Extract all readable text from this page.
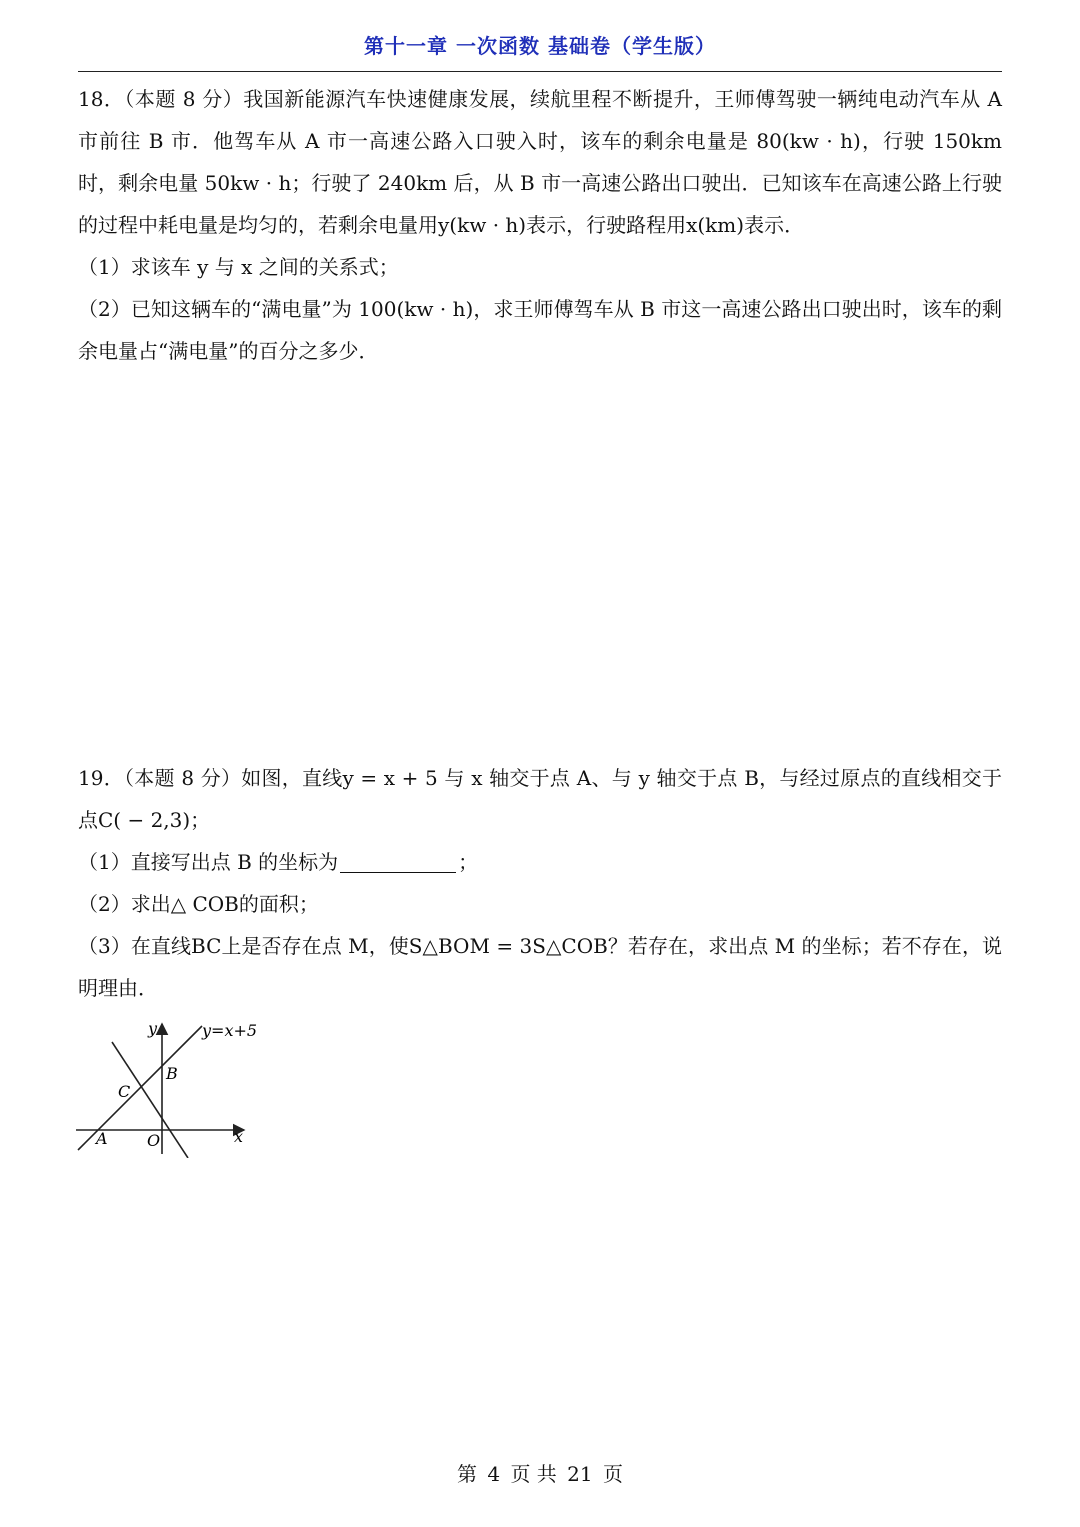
第十一章 一次函数 基础卷（学生版）
18．（本题 8 分）我国新能源汽车快速健康发展，续航里程不断提升，王师傅驾驶一辆纯电动汽车从 A 市前往 B 市．他驾车从 A 市一高速公路入口驶入时，该车的剩余电量是 80(kw · h)，行驶 150km 时，剩余电量 50kw · h；行驶了 240km 后，从 B 市一高速公路出口驶出．已知该车在高速公路上行驶的过程中耗电量是均匀的，若剩余电量用y(kw · h)表示，行驶路程用x(km)表示．
（1）求该车 y 与 x 之间的关系式；
（2）已知这辆车的“满电量”为 100(kw · h)，求王师傅驾车从 B 市这一高速公路出口驶出时，该车的剩余电量占“满电量”的百分之多少．
19．（本题 8 分）如图，直线y = x + 5 与 x 轴交于点 A、与 y 轴交于点 B，与经过原点的直线相交于点C( − 2,3)；
（1）直接写出点 B 的坐标为	；
（2）求出△ COB的面积；
（3）在直线BC上是否存在点 M，使S△BOM = 3S△COB？若存在，求出点 M 的坐标；若不存在，说明理由．
y=x+5
y
x
B
C
A O
第 4 页 共 21 页
